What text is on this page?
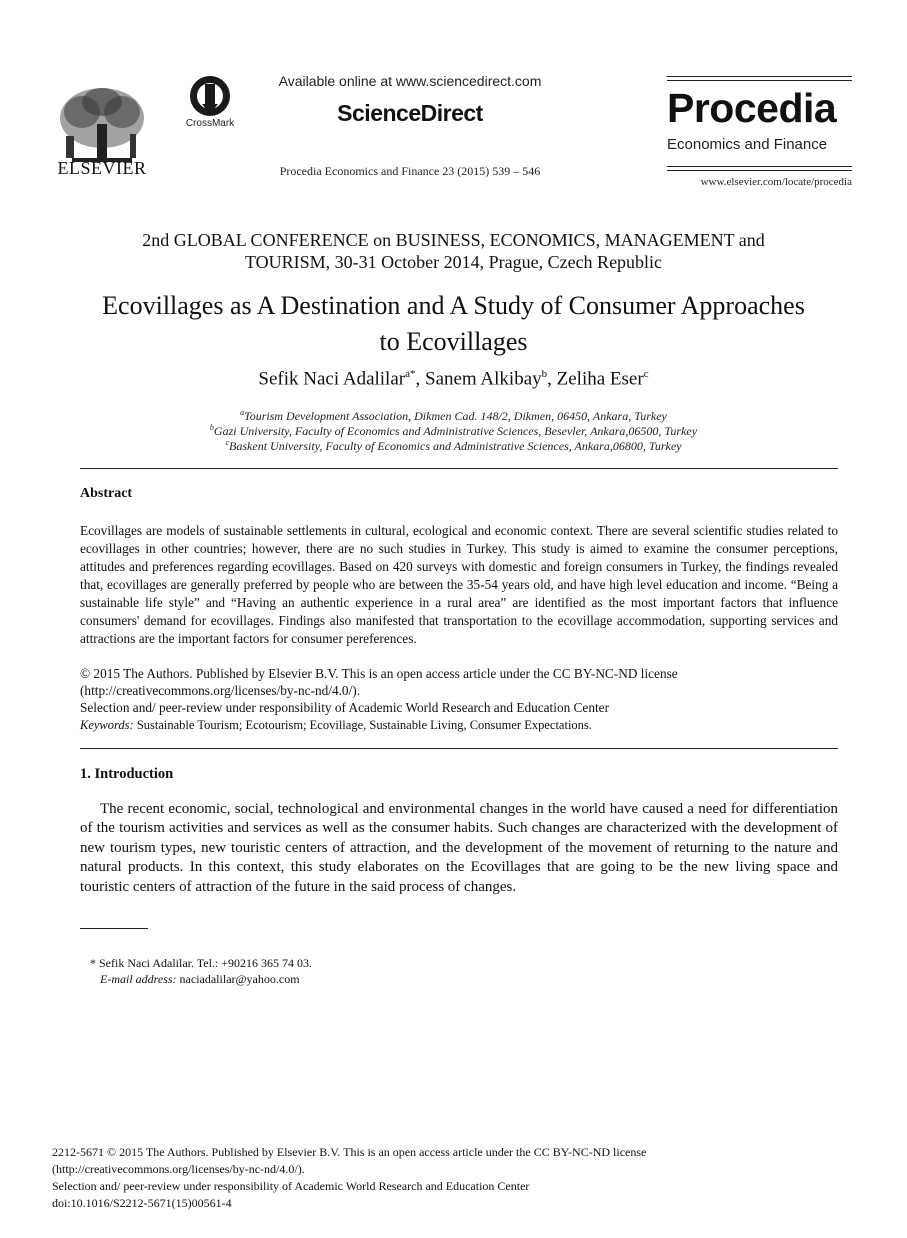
ELSEVIER
CrossMark
Available online at www.sciencedirect.com
ScienceDirect
Procedia Economics and Finance 23 (2015) 539 – 546
Procedia
Economics and Finance
www.elsevier.com/locate/procedia
2nd GLOBAL CONFERENCE on BUSINESS, ECONOMICS, MANAGEMENT and
TOURISM, 30-31 October 2014, Prague, Czech Republic
Ecovillages as A Destination and A Study of Consumer Approaches
to Ecovillages
Sefik Naci Adalilar$^{a*}$, Sanem Alkibay$^b$, Zeliha Eser$^c$
$^a$Tourism Development Association, Dikmen Cad. 148/2, Dikmen, 06450, Ankara, Turkey
$^b$Gazi University, Faculty of Economics and Administrative Sciences, Besevler, Ankara,06500, Turkey
$^c$Baskent University, Faculty of Economics and Administrative Sciences, Ankara,06800, Turkey
Abstract
Ecovillages are models of sustainable settlements in cultural, ecological and economic context. There are several scientific studies related to ecovillages in other countries; however, there are no such studies in Turkey. This study is aimed to examine the consumer perceptions, attitudes and preferences regarding ecovillages. Based on 420 surveys with domestic and foreign consumers in Turkey, the findings revealed that, ecovillages are generally preferred by people who are between the 35-54 years old, and have high level education and income. “Being a sustainable life style” and “Having an authentic experience in a rural area” are identified as the most important factors that influence consumers' demand for ecovillages. Findings also manifested that transportation to the ecovillage accommodation, supporting services and attractions are the important factors for consumer pereferences.
© 2015 The Authors. Published by Elsevier B.V. This is an open access article under the CC BY-NC-ND license
(http://creativecommons.org/licenses/by-nc-nd/4.0/).
Selection and/ peer-review under responsibility of Academic World Research and Education Center
Keywords: Sustainable Tourism; Ecotourism; Ecovillage, Sustainable Living, Consumer Expectations.
1. Introduction
The recent economic, social, technological and environmental changes in the world have caused a need for differentiation of the tourism activities and services as well as the consumer habits. Such changes are characterized with the development of new tourism types, new touristic centers of attraction, and the development of the movement of returning to the nature and natural products. In this context, this study elaborates on the Ecovillages that are going to be the new living space and touristic centers of attraction of the future in the said process of changes.
* Sefik Naci Adalilar. Tel.: +90216 365 74 03.
E-mail address: naciadalilar@yahoo.com
2212-5671 © 2015 The Authors. Published by Elsevier B.V. This is an open access article under the CC BY-NC-ND license
(http://creativecommons.org/licenses/by-nc-nd/4.0/).
Selection and/ peer-review under responsibility of Academic World Research and Education Center
doi:10.1016/S2212-5671(15)00561-4
